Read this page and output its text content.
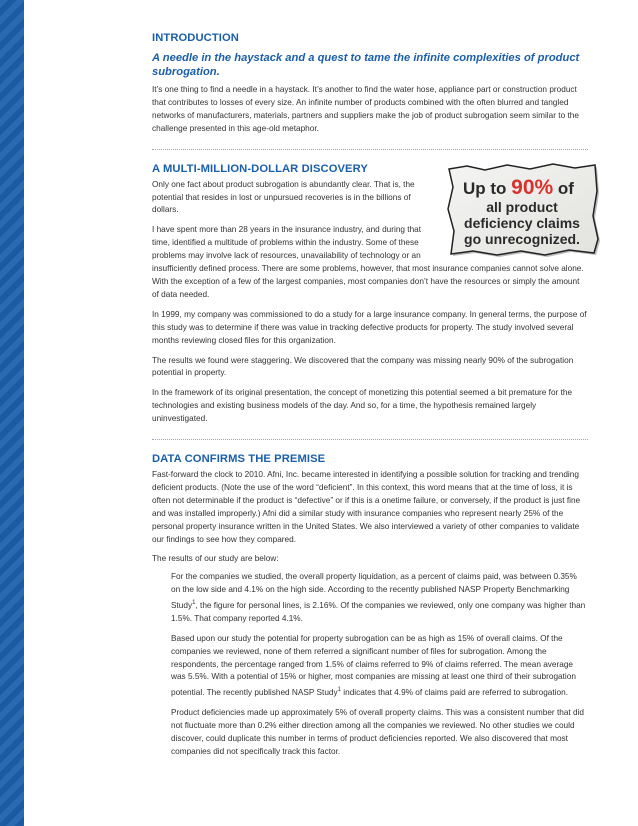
INTRODUCTION
A needle in the haystack and a quest to tame the infinite complexities of product subrogation.

It’s one thing to find a needle in a haystack. It’s another to find the water hose, appliance part or construction product that contributes to losses of every size. An infinite number of products combined with the often blurred and tangled networks of manufacturers, materials, partners and suppliers make the job of product subrogation seem similar to the challenge presented in this age-old metaphor.

A MULTI-MILLION-DOLLAR DISCOVERY
Up to 90% of
all product
deficiency claims
go unrecognized.

Only one fact about product subrogation is abundantly clear. That is, the potential that resides in lost or unpursued recoveries is in the billions of dollars.

I have spent more than 28 years in the insurance industry, and during that time, identified a multitude of problems within the industry. Some of these problems may involve lack of resources, unavailability of technology or an insufficiently defined process. There are some problems, however, that most insurance companies cannot solve alone. With the exception of a few of the largest companies, most companies don’t have the resources or simply the amount of data needed.

In 1999, my company was commissioned to do a study for a large insurance company. In general terms, the purpose of this study was to determine if there was value in tracking defective products for property. The study involved several months reviewing closed files for this organization.

The results we found were staggering. We discovered that the company was missing nearly 90% of the subrogation potential in property.

In the framework of its original presentation, the concept of monetizing this potential seemed a bit premature for the technologies and existing business models of the day. And so, for a time, the hypothesis remained largely uninvestigated.

DATA CONFIRMS THE PREMISE

Fast-forward the clock to 2010. Afni, Inc. became interested in identifying a possible solution for tracking and trending deficient products. (Note the use of the word “deficient”. In this context, this word means that at the time of loss, it is often not determinable if the product is “defective” or if this is a onetime failure, or conversely, if the product is just fine and was installed improperly.) Afni did a similar study with insurance companies who represent nearly 25% of the personal property insurance written in the United States. We also interviewed a variety of other companies to validate our findings to see how they compared.

The results of our study are below:

For the companies we studied, the overall property liquidation, as a percent of claims paid, was between 0.35% on the low side and 4.1% on the high side. According to the recently published NASP Property Benchmarking Study$^1$, the figure for personal lines, is 2.16%. Of the companies we reviewed, only one company was higher than 1.5%. That company reported 4.1%.

Based upon our study the potential for property subrogation can be as high as 15% of overall claims. Of the companies we reviewed, none of them referred a significant number of files for subrogation. Among the respondents, the percentage ranged from 1.5% of claims referred to 9% of claims referred. The mean average was 5.5%. With a potential of 15% or higher, most companies are missing at least one third of their subrogation potential. The recently published NASP Study$^1$ indicates that 4.9% of claims paid are referred to subrogation.

Product deficiencies made up approximately 5% of overall property claims. This was a consistent number that did not fluctuate more than 0.2% either direction among all the companies we reviewed. No other studies we could discover, could duplicate this number in terms of product deficiencies reported. We also discovered that most companies did not specifically track this factor.
